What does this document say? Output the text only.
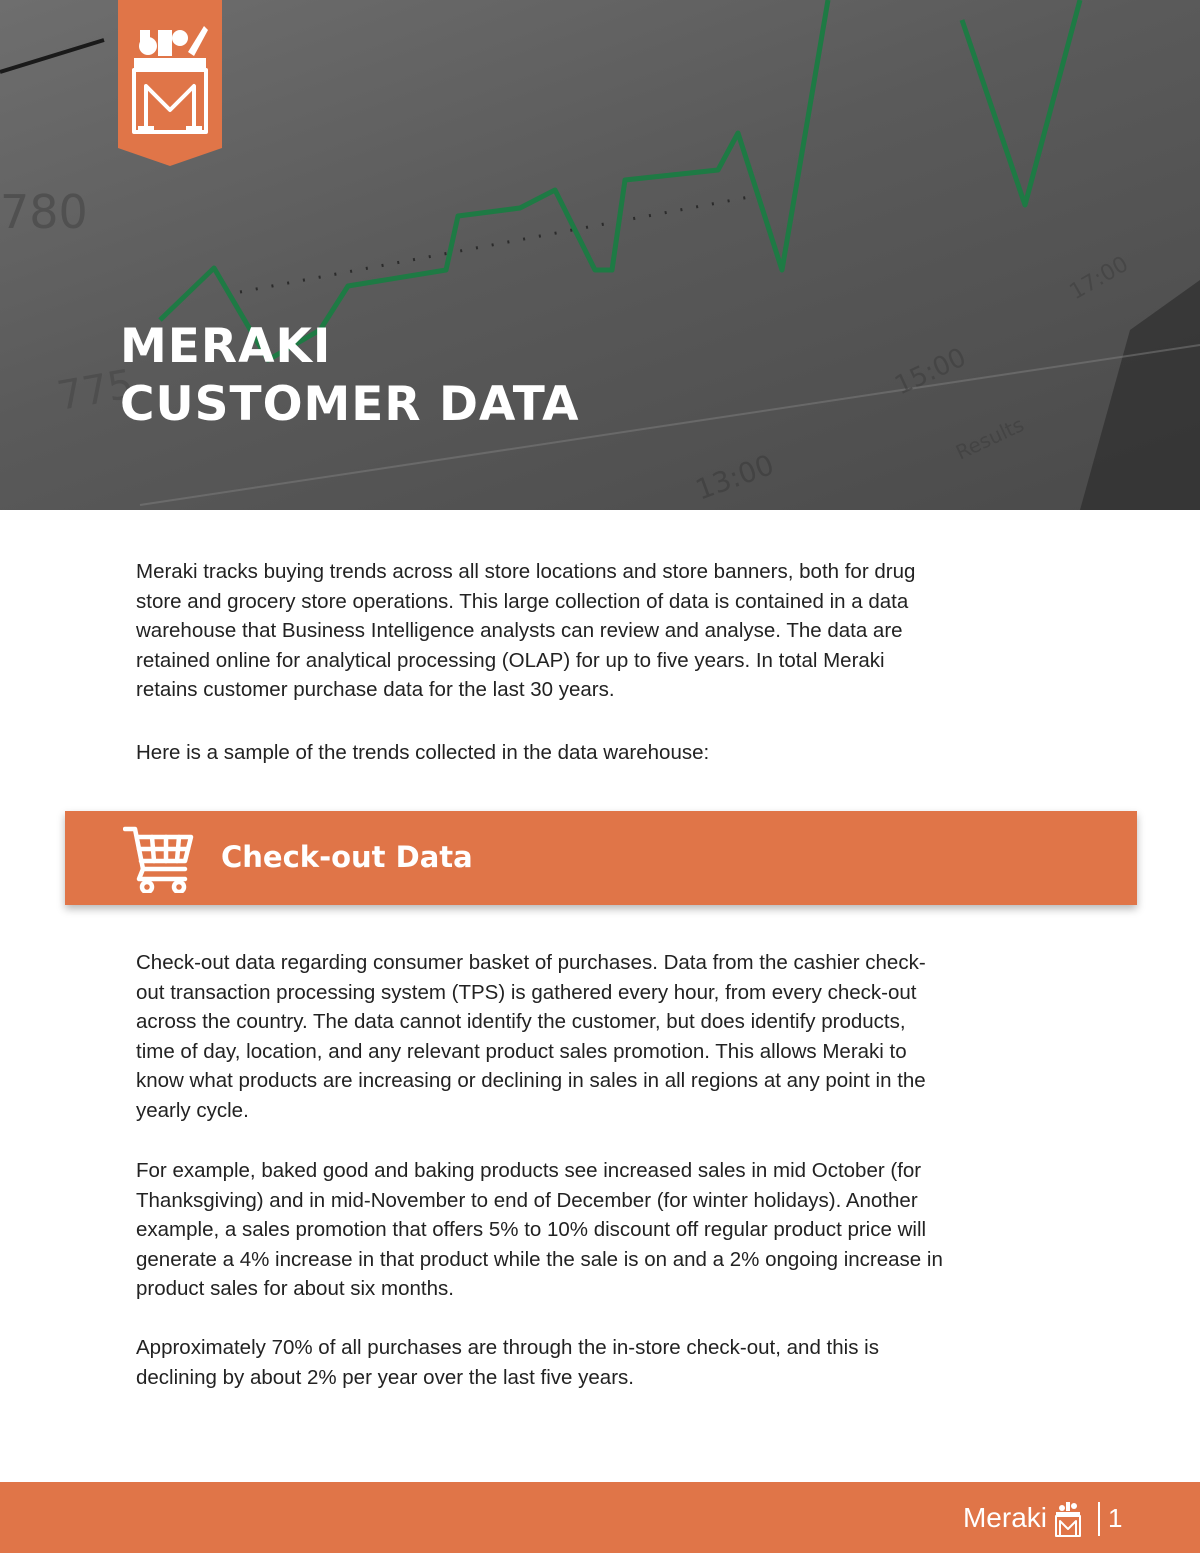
780
775
13:00
15:00
17:00
Results
MERAKI
CUSTOMER DATA

Meraki tracks buying trends across all store locations and store banners, both for drug

store and grocery store operations. This large collection of data is contained in a data

warehouse that Business Intelligence analysts can review and analyse. The data are

retained online for analytical processing (OLAP) for up to five years. In total Meraki

retains customer purchase data for the last 30 years.

Here is a sample of the trends collected in the data warehouse:

Check-out Data

Check-out data regarding consumer basket of purchases. Data from the cashier check-

out transaction processing system (TPS) is gathered every hour, from every check-out

across the country. The data cannot identify the customer, but does identify products,

time of day, location, and any relevant product sales promotion. This allows Meraki to

know what products are increasing or declining in sales in all regions at any point in the

yearly cycle.

For example, baked good and baking products see increased sales in mid October (for

Thanksgiving) and in mid-November to end of December (for winter holidays). Another

example, a sales promotion that offers 5% to 10% discount off regular product price will

generate a 4% increase in that product while the sale is on and a 2% ongoing increase in

product sales for about six months.

Approximately 70% of all purchases are through the in-store check-out, and this is

declining by about 2% per year over the last five years.

Meraki 1
